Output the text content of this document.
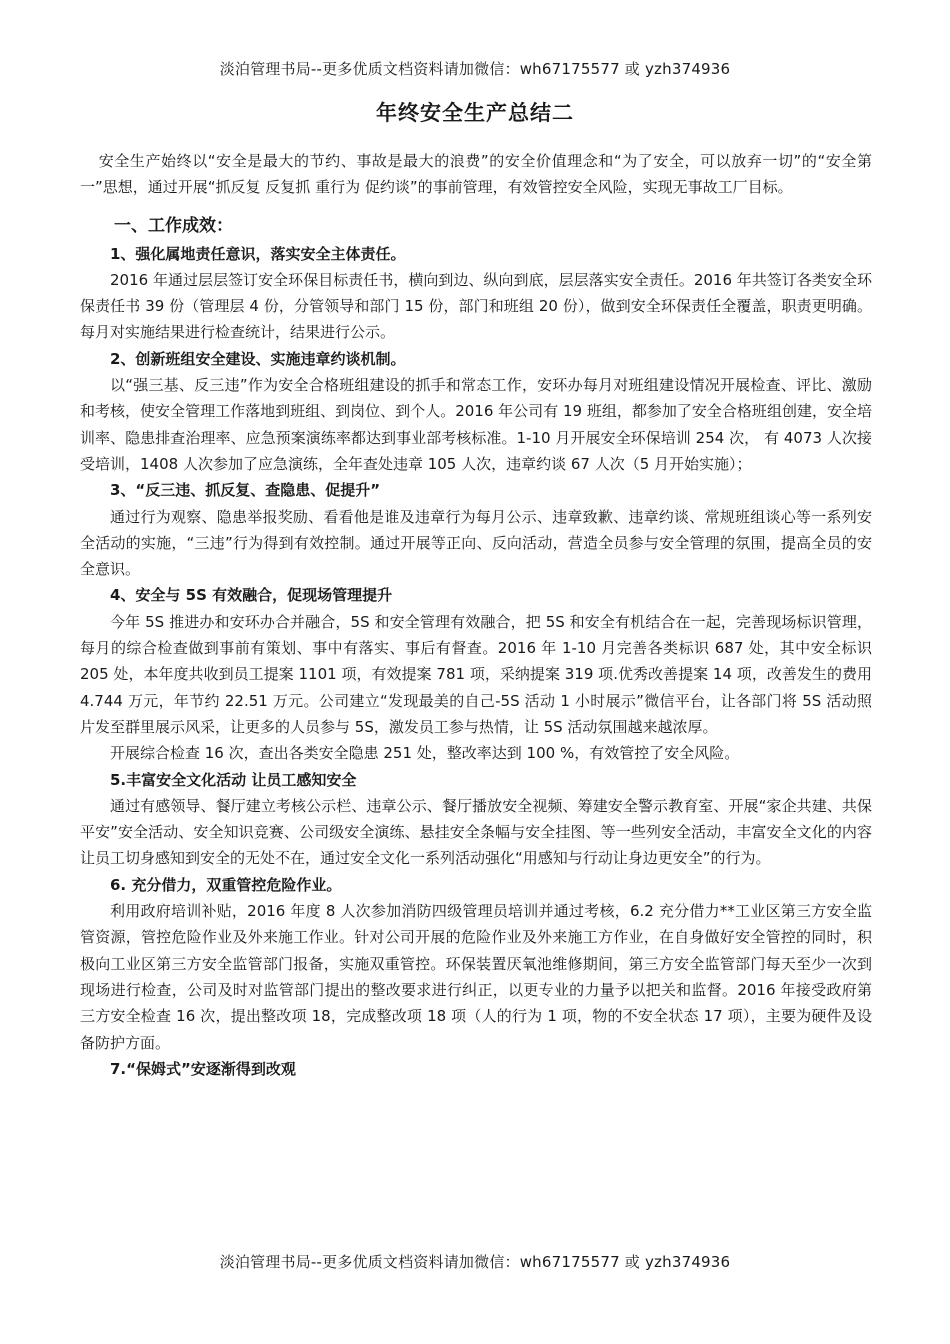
淡泊管理书局--更多优质文档资料请加微信：wh67175577 或 yzh374936
年终安全生产总结二

安全生产始终以“安全是最大的节约、事故是最大的浪费”的安全价值理念和“为了安全，可以放弃一切”的“安全第一”思想，通过开展“抓反复 反复抓 重行为 促约谈”的事前管理，有效管控安全风险，实现无事故工厂目标。

一、工作成效：
1、强化属地责任意识，落实安全主体责任。

2016 年通过层层签订安全环保目标责任书，横向到边、纵向到底，层层落实安全责任。2016 年共签订各类安全环保责任书 39 份（管理层 4 份，分管领导和部门 15 份，部门和班组 20 份），做到安全环保责任全覆盖，职责更明确。每月对实施结果进行检查统计，结果进行公示。

2、创新班组安全建设、实施违章约谈机制。

以“强三基、反三违”作为安全合格班组建设的抓手和常态工作，安环办每月对班组建设情况开展检查、评比、激励和考核，使安全管理工作落地到班组、到岗位、到个人。2016 年公司有 19 班组，都参加了安全合格班组创建，安全培训率、隐患排查治理率、应急预案演练率都达到事业部考核标准。1-10 月开展安全环保培训 254 次， 有 4073 人次接受培训，1408 人次参加了应急演练，全年查处违章 105 人次，违章约谈 67 人次（5 月开始实施）；

3、“反三违、抓反复、查隐患、促提升”

通过行为观察、隐患举报奖励、看看他是谁及违章行为每月公示、违章致歉、违章约谈、常规班组谈心等一系列安全活动的实施，“三违”行为得到有效控制。通过开展等正向、反向活动，营造全员参与安全管理的氛围，提高全员的安全意识。

4、安全与 5S 有效融合，促现场管理提升

今年 5S 推进办和安环办合并融合，5S 和安全管理有效融合，把 5S 和安全有机结合在一起，完善现场标识管理，每月的综合检查做到事前有策划、事中有落实、事后有督查。2016 年 1-10 月完善各类标识 687 处，其中安全标识 205 处，本年度共收到员工提案 1101 项，有效提案 781 项，采纳提案 319 项.优秀改善提案 14 项，改善发生的费用 4.744 万元，年节约 22.51 万元。公司建立“发现最美的自己-5S 活动 1 小时展示”微信平台，让各部门将 5S 活动照片发至群里展示风采，让更多的人员参与 5S，激发员工参与热情，让 5S 活动氛围越来越浓厚。

开展综合检查 16 次，查出各类安全隐患 251 处，整改率达到 100 %，有效管控了安全风险。

5.丰富安全文化活动 让员工感知安全

通过有感领导、餐厅建立考核公示栏、违章公示、餐厅播放安全视频、筹建安全警示教育室、开展“家企共建、共保平安”安全活动、安全知识竞赛、公司级安全演练、悬挂安全条幅与安全挂图、等一些列安全活动，丰富安全文化的内容让员工切身感知到安全的无处不在，通过安全文化一系列活动强化“用感知与行动让身边更安全”的行为。

6. 充分借力，双重管控危险作业。

利用政府培训补贴，2016 年度 8 人次参加消防四级管理员培训并通过考核，6.2 充分借力**工业区第三方安全监管资源，管控危险作业及外来施工作业。针对公司开展的危险作业及外来施工方作业，在自身做好安全管控的同时，积极向工业区第三方安全监管部门报备，实施双重管控。环保装置厌氧池维修期间，第三方安全监管部门每天至少一次到现场进行检查，公司及时对监管部门提出的整改要求进行纠正，以更专业的力量予以把关和监督。2016 年接受政府第三方安全检查 16 次，提出整改项 18，完成整改项 18 项（人的行为 1 项，物的不安全状态 17 项），主要为硬件及设备防护方面。

7.“保姆式”安逐渐得到改观
淡泊管理书局--更多优质文档资料请加微信：wh67175577 或 yzh374936
